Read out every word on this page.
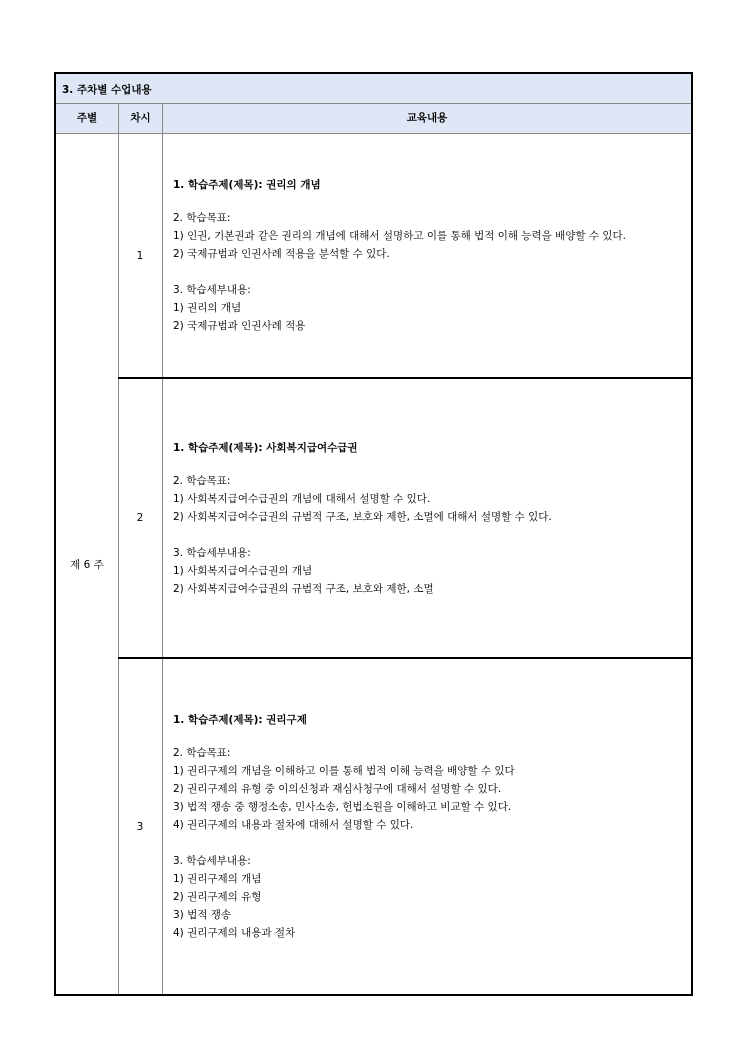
3. 주차별 수업내용
주별	차시	교육내용
제 6 주
1
1. 학습주제(제목): 권리의 개념
2. 학습목표:
1) 인권, 기본권과 같은 권리의 개념에 대해서 설명하고 이를 통해 법적 이해 능력을 배양할 수 있다.
2) 국제규범과 인권사례 적용을 분석할 수 있다.
3. 학습세부내용:
1) 권리의 개념
2) 국제규범과 인권사례 적용
2
1. 학습주제(제목): 사회복지급여수급권
2. 학습목표:
1) 사회복지급여수급권의 개념에 대해서 설명할 수 있다.
2) 사회복지급여수급권의 규범적 구조, 보호와 제한, 소멸에 대해서 설명할 수 있다.
3. 학습세부내용:
1) 사회복지급여수급권의 개념
2) 사회복지급여수급권의 규범적 구조, 보호와 제한, 소멸
3
1. 학습주제(제목): 권리구제
2. 학습목표:
1) 권리구제의 개념을 이해하고 이를 통해 법적 이해 능력을 배양할 수 있다
2) 권리구제의 유형 중 이의신청과 재심사청구에 대해서 설명할 수 있다.
3) 법적 쟁송 중 행정소송, 민사소송, 헌법소원을 이해하고 비교할 수 있다.
4) 권리구제의 내용과 절차에 대해서 설명할 수 있다.
3. 학습세부내용:
1) 권리구제의 개념
2) 권리구제의 유형
3) 법적 쟁송
4) 권리구제의 내용과 절차
